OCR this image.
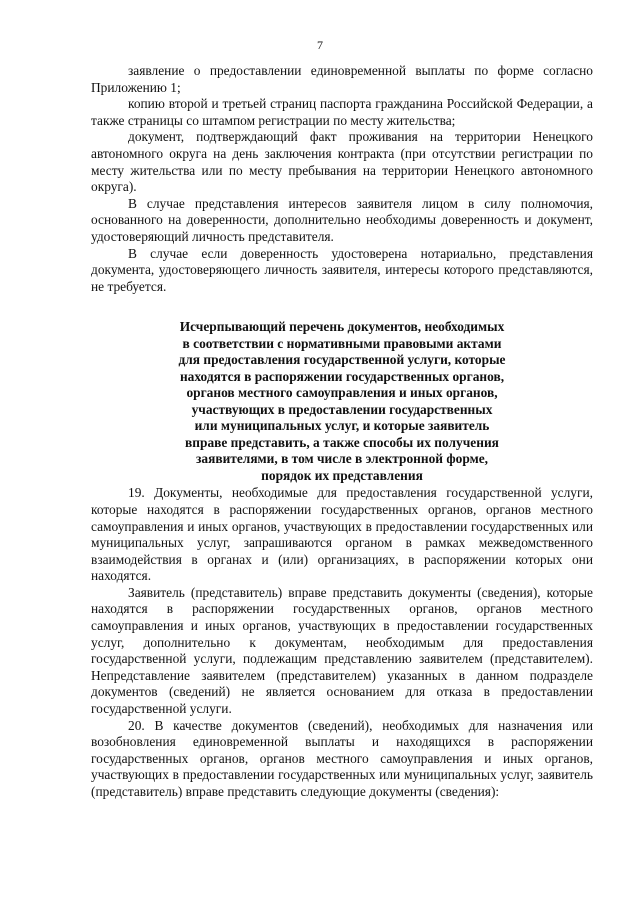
7

заявление о предоставлении единовременной выплаты по форме согласно Приложению 1;

копию второй и третьей страниц паспорта гражданина Российской Федерации, а также страницы со штампом регистрации по месту жительства;

документ, подтверждающий факт проживания на территории Ненецкого автономного округа на день заключения контракта (при отсутствии регистрации по месту жительства или по месту пребывания на территории Ненецкого автономного округа).

В случае представления интересов заявителя лицом в силу полномочия, основанного на доверенности, дополнительно необходимы доверенность и документ, удостоверяющий личность представителя.

В случае если доверенность удостоверена нотариально, представления документа, удостоверяющего личность заявителя, интересы которого представляются, не требуется.

Исчерпывающий перечень документов, необходимых
в соответствии с нормативными правовыми актами
для предоставления государственной услуги, которые
находятся в распоряжении государственных органов,
органов местного самоуправления и иных органов,
участвующих в предоставлении государственных
или муниципальных услуг, и которые заявитель
вправе представить, а также способы их получения
заявителями, в том числе в электронной форме,
порядок их представления

19. Документы, необходимые для предоставления государственной услуги, которые находятся в распоряжении государственных органов, органов местного самоуправления и иных органов, участвующих в предоставлении государственных или муниципальных услуг, запрашиваются органом в рамках межведомственного взаимодействия в органах и (или) организациях, в распоряжении которых они находятся.

Заявитель (представитель) вправе представить документы (сведения), которые находятся в распоряжении государственных органов, органов местного самоуправления и иных органов, участвующих в предоставлении государственных услуг, дополнительно к документам, необходимым для предоставления государственной услуги, подлежащим представлению заявителем (представителем). Непредставление заявителем (представителем) указанных в данном подразделе документов (сведений) не является основанием для отказа в предоставлении государственной услуги.

20. В качестве документов (сведений), необходимых для назначения или возобновления единовременной выплаты и находящихся в распоряжении государственных органов, органов местного самоуправления и иных органов, участвующих в предоставлении государственных или муниципальных услуг, заявитель (представитель) вправе представить следующие документы (сведения):
